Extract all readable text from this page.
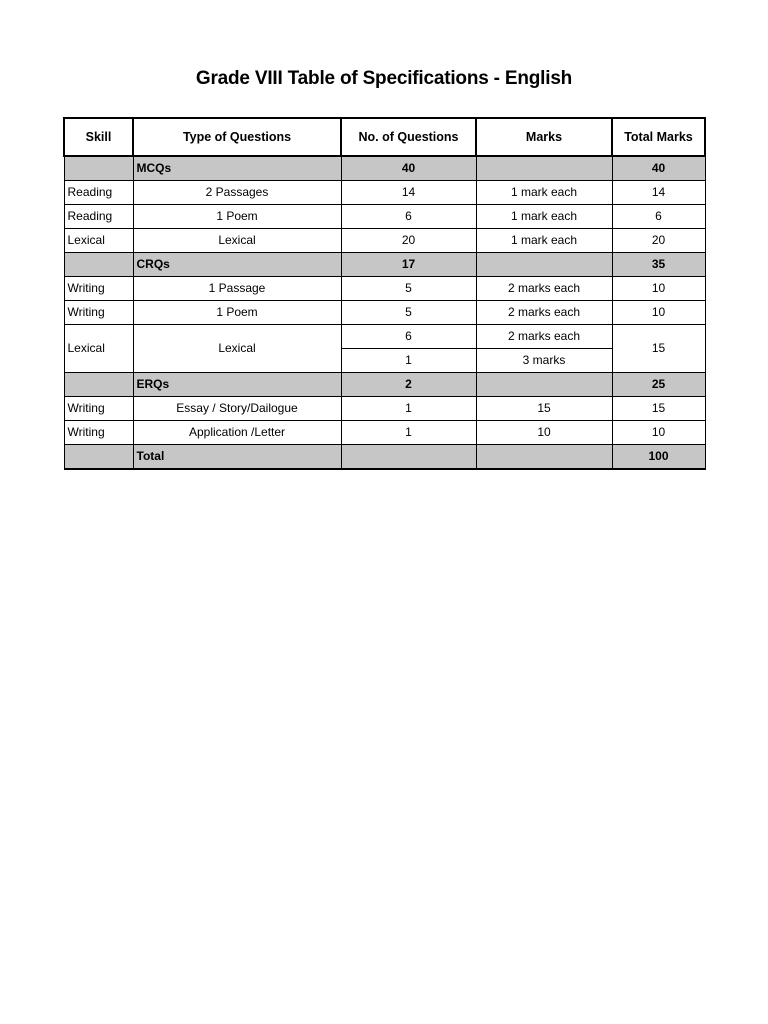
Grade VIII Table of Specifications - English
Skill	Type of Questions	No. of Questions	Marks	Total Marks
	MCQs	40		40
Reading	2 Passages	14	1 mark each	14
Reading	1 Poem	6	1 mark each	6
Lexical	Lexical	20	1 mark each	20
	CRQs	17		35
Writing	1 Passage	5	2 marks each	10
Writing	1 Poem	5	2 marks each	10
Lexical	Lexical	6	2 marks each	15
		1	3 marks	
	ERQs	2		25
Writing	Essay / Story/Dailogue	1	15	15
Writing	Application /Letter	1	10	10
	Total			100
